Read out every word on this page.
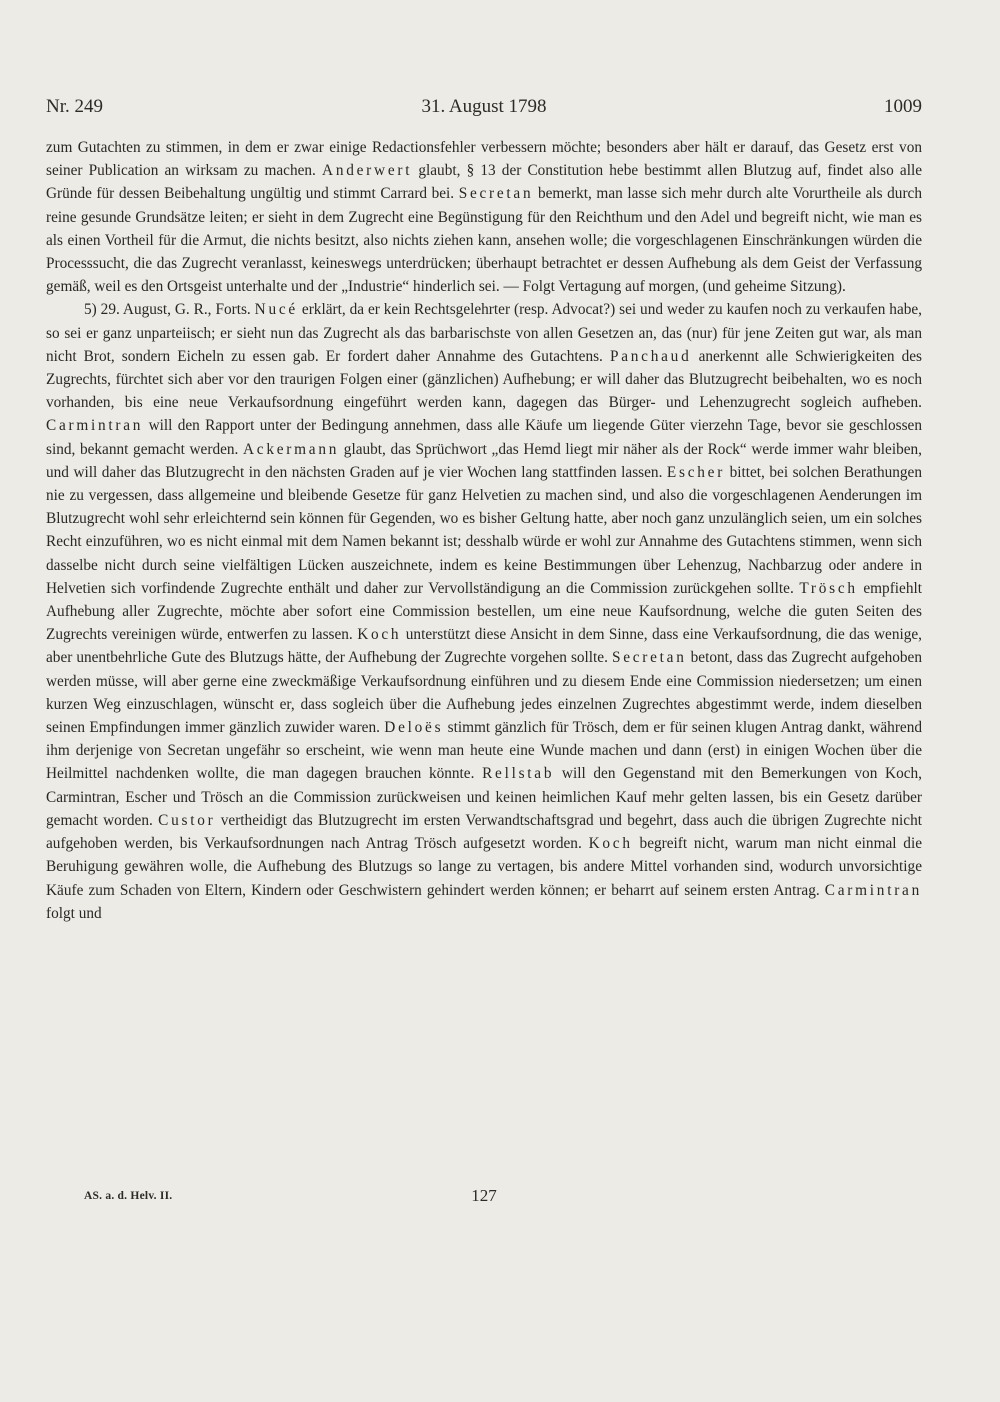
Nr. 249	31. August 1798	1009

zum Gutachten zu stimmen, in dem er zwar einige Redactionsfehler verbessern möchte; besonders aber hält er darauf, das Gesetz erst von seiner Publication an wirksam zu machen. Anderwert glaubt, § 13 der Constitution hebe bestimmt allen Blutzug auf, findet also alle Gründe für dessen Beibehaltung ungültig und stimmt Carrard bei. Secretan bemerkt, man lasse sich mehr durch alte Vorurtheile als durch reine gesunde Grundsätze leiten; er sieht in dem Zugrecht eine Begünstigung für den Reichthum und den Adel und begreift nicht, wie man es als einen Vortheil für die Armut, die nichts besitzt, also nichts ziehen kann, ansehen wolle; die vorgeschlagenen Einschränkungen würden die Processsucht, die das Zugrecht veranlasst, keineswegs unterdrücken; überhaupt betrachtet er dessen Aufhebung als dem Geist der Verfassung gemäß, weil es den Ortsgeist unterhalte und der „Industrie“ hinderlich sei. — Folgt Vertagung auf morgen, (und geheime Sitzung).

5) 29. August, G. R., Forts. Nucé erklärt, da er kein Rechtsgelehrter (resp. Advocat?) sei und weder zu kaufen noch zu verkaufen habe, so sei er ganz unparteiisch; er sieht nun das Zugrecht als das barbarischste von allen Gesetzen an, das (nur) für jene Zeiten gut war, als man nicht Brot, sondern Eicheln zu essen gab. Er fordert daher Annahme des Gutachtens. Panchaud anerkennt alle Schwierigkeiten des Zugrechts, fürchtet sich aber vor den traurigen Folgen einer (gänzlichen) Aufhebung; er will daher das Blutzugrecht beibehalten, wo es noch vorhanden, bis eine neue Verkaufsordnung eingeführt werden kann, dagegen das Bürger- und Lehenzugrecht sogleich aufheben. Carmintran will den Rapport unter der Bedingung annehmen, dass alle Käufe um liegende Güter vierzehn Tage, bevor sie geschlossen sind, bekannt gemacht werden. Ackermann glaubt, das Sprüchwort „das Hemd liegt mir näher als der Rock“ werde immer wahr bleiben, und will daher das Blutzugrecht in den nächsten Graden auf je vier Wochen lang stattfinden lassen. Escher bittet, bei solchen Berathungen nie zu vergessen, dass allgemeine und bleibende Gesetze für ganz Helvetien zu machen sind, und also die vorgeschlagenen Aenderungen im Blutzugrecht wohl sehr erleichternd sein können für Gegenden, wo es bisher Geltung hatte, aber noch ganz unzulänglich seien, um ein solches Recht einzuführen, wo es nicht einmal mit dem Namen bekannt ist; desshalb würde er wohl zur Annahme des Gutachtens stimmen, wenn sich dasselbe nicht durch seine vielfältigen Lücken auszeichnete, indem es keine Bestimmungen über Lehenzug, Nachbarzug oder andere in Helvetien sich vorfindende Zugrechte enthält und daher zur Vervollständigung an die Commission zurückgehen sollte. Trösch empfiehlt Aufhebung aller Zugrechte, möchte aber sofort eine Commission bestellen, um eine neue Kaufsordnung, welche die guten Seiten des Zugrechts vereinigen würde, entwerfen zu lassen. Koch unterstützt diese Ansicht in dem Sinne, dass eine Verkaufsordnung, die das wenige, aber unentbehrliche Gute des Blutzugs hätte, der Aufhebung der Zugrechte vorgehen sollte. Secretan betont, dass das Zugrecht aufgehoben werden müsse, will aber gerne eine zweckmäßige Verkaufsordnung einführen und zu diesem Ende eine Commission niedersetzen; um einen kurzen Weg einzuschlagen, wünscht er, dass sogleich über die Aufhebung jedes einzelnen Zugrechtes abgestimmt werde, indem dieselben seinen Empfindungen immer gänzlich zuwider waren. Deloës stimmt gänzlich für Trösch, dem er für seinen klugen Antrag dankt, während ihm derjenige von Secretan ungefähr so erscheint, wie wenn man heute eine Wunde machen und dann (erst) in einigen Wochen über die Heilmittel nachdenken wollte, die man dagegen brauchen könnte. Rellstab will den Gegenstand mit den Bemerkungen von Koch, Carmintran, Escher und Trösch an die Commission zurückweisen und keinen heimlichen Kauf mehr gelten lassen, bis ein Gesetz darüber gemacht worden. Custor vertheidigt das Blutzugrecht im ersten Verwandtschaftsgrad und begehrt, dass auch die übrigen Zugrechte nicht aufgehoben werden, bis Verkaufsordnungen nach Antrag Trösch aufgesetzt worden. Koch begreift nicht, warum man nicht einmal die Beruhigung gewähren wolle, die Aufhebung des Blutzugs so lange zu vertagen, bis andere Mittel vorhanden sind, wodurch unvorsichtige Käufe zum Schaden von Eltern, Kindern oder Geschwistern gehindert werden können; er beharrt auf seinem ersten Antrag. Carmintran folgt und

AS. a. d. Helv. II.	127
